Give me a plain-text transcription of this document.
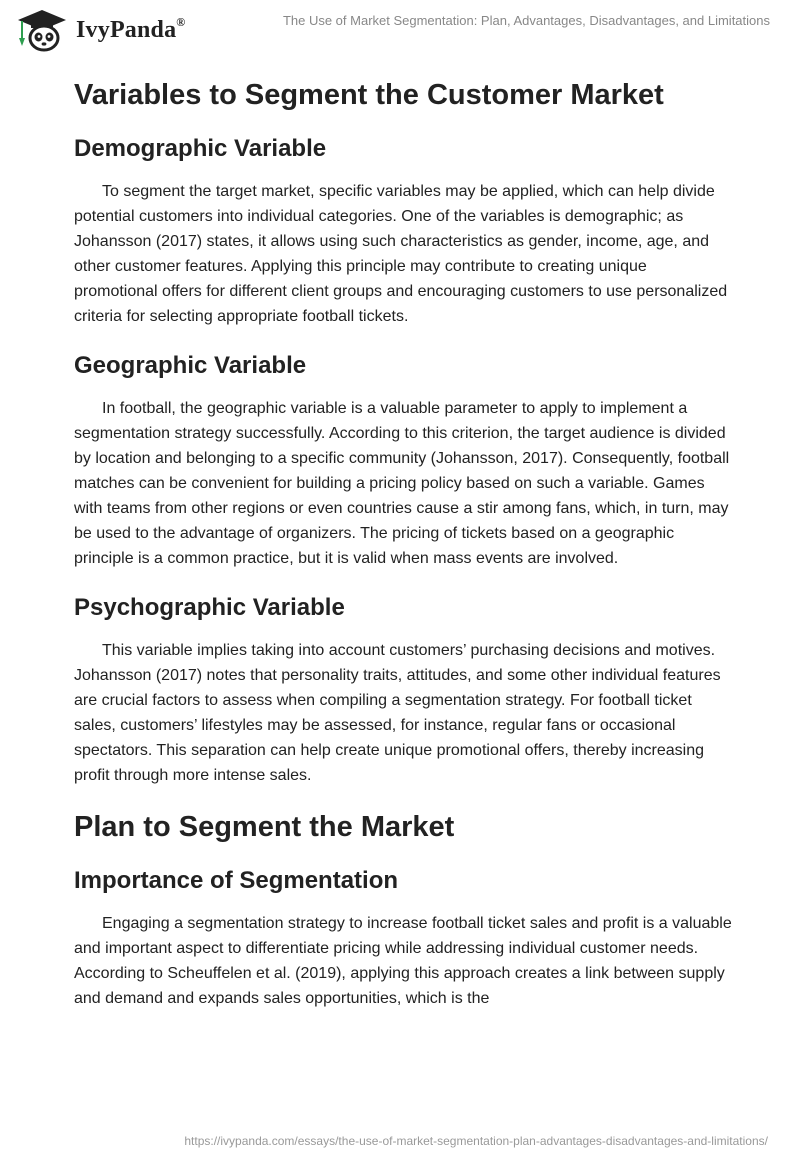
IvyPanda®	The Use of Market Segmentation: Plan, Advantages, Disadvantages, and Limitations
Variables to Segment the Customer Market
Demographic Variable

To segment the target market, specific variables may be applied, which can help divide potential customers into individual categories. One of the variables is demographic; as Johansson (2017) states, it allows using such characteristics as gender, income, age, and other customer features. Applying this principle may contribute to creating unique promotional offers for different client groups and encouraging customers to use personalized criteria for selecting appropriate football tickets.

Geographic Variable

In football, the geographic variable is a valuable parameter to apply to implement a segmentation strategy successfully. According to this criterion, the target audience is divided by location and belonging to a specific community (Johansson, 2017). Consequently, football matches can be convenient for building a pricing policy based on such a variable. Games with teams from other regions or even countries cause a stir among fans, which, in turn, may be used to the advantage of organizers. The pricing of tickets based on a geographic principle is a common practice, but it is valid when mass events are involved.

Psychographic Variable

This variable implies taking into account customers’ purchasing decisions and motives. Johansson (2017) notes that personality traits, attitudes, and some other individual features are crucial factors to assess when compiling a segmentation strategy. For football ticket sales, customers’ lifestyles may be assessed, for instance, regular fans or occasional spectators. This separation can help create unique promotional offers, thereby increasing profit through more intense sales.

Plan to Segment the Market
Importance of Segmentation

Engaging a segmentation strategy to increase football ticket sales and profit is a valuable and important aspect to differentiate pricing while addressing individual customer needs. According to Scheuffelen et al. (2019), applying this approach creates a link between supply and demand and expands sales opportunities, which is the

https://ivypanda.com/essays/the-use-of-market-segmentation-plan-advantages-disadvantages-and-limitations/
